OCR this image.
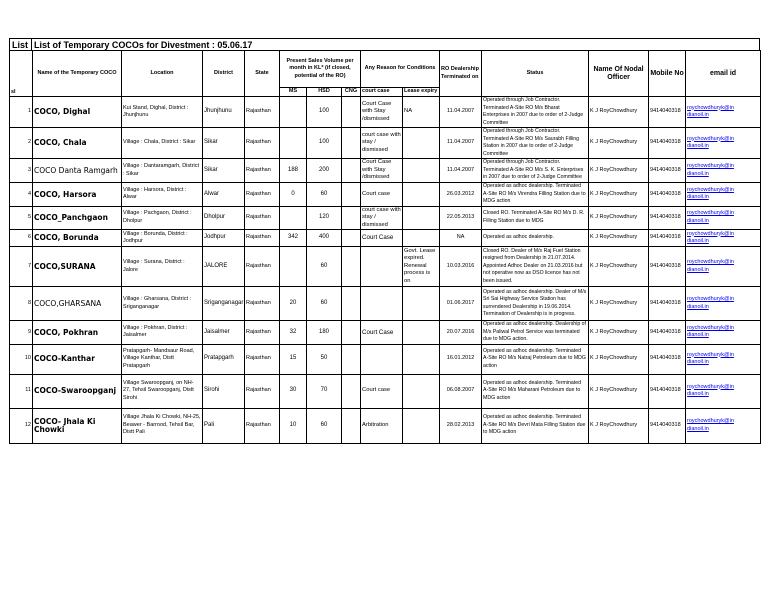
List List of Temporary COCOs for Divestment : 05.06.17
sl	Name of the Temporary COCO	Location	District	State	Present Sales Volume per month in KL* (if closed, potential of the RO)			Any Reason for Conditions		RO Dealership Terminated on	Status	Name Of Nodal Officer	Mobile No	email id
					MS	HSD	CNG	court case	Lease expiry					
1	COCO, Dighal	Kui Stand, Dighal, District : Jhunjhunu	Jhunjhunu	Rajasthan		100		Court Case with Stay /dismissed	NA	11.04.2007	Operated through Job Contractor. Terminated A-Site RO M/s Bharat Enterprises in 2007 due to order of 2-Judge Committee	K J RoyChowdhury	9414040318	roychowdhuryk@in
dianoil.in

2	COCO, Chala	Village : Chala, District : Sikar	Sikar	Rajasthan		100		court case with stay / dismissed		11.04.2007	Operated through Job Contractor. Terminated A-Site RO M/s Saurabh Filling Station in 2007 due to order of 2-Judge Committee	K J RoyChowdhury	9414040318	roychowdhuryk@in
dianoil.in

3	COCO Danta Ramgarh	Village : Dantaramgarh, District : Sikar	Sikar	Rajasthan	188	200		Court Case with Stay /dismissed		11.04.2007	Operated through Job Contractor. Terminated A-Site RO M/s S. K. Enterprises in 2007 due to order of 2-Judge Committee	K J RoyChowdhury	9414040318	roychowdhuryk@in
dianoil.in

4	COCO, Harsora	Village : Harsora, District : Alwar	Alwar	Rajasthan	0	60		Court case		26.03.2012	Operated as adhoc dealership. Terminated A-Site RO M/s Virendra Filling Station due to MDG action	K J RoyChowdhury	9414040318	roychowdhuryk@in
dianoil.in

5	COCO_Panchgaon	Village : Pachgaon, District : Dholpur	Dholpur	Rajasthan		120		court case with stay / dismissed		22.05.2013	Closed RO. Terminated A-Site RO M/s D. R. Filling Station due to MDG	K J RoyChowdhury	9414040318	roychowdhuryk@in
dianoil.in

6	COCO, Borunda	Village : Borunda, District : Jodhpur	Jodhpur	Rajasthan	342	400		Court Case		NA	Operated as adhoc dealership.	K J RoyChowdhury	9414040318	roychowdhuryk@in
dianoil.in

7	COCO,SURANA	Village : Surana, District : Jalore	JALORE	Rajasthan		60			Govt. Lease expired. Renewal process is on	10.03.2016	Closed RO. Dealer of M/s Raj Fuel Station resigned from Dealership in 21.07.2014. Appointed Adhoc Dealer on 21.03.2016 but not operative now as DSO licence has not been issued.	K J RoyChowdhury	9414040318	roychowdhuryk@in
dianoil.in

8	COCO,GHARSANA	Village : Gharsana, District : Sriganganagar	Sriganganagar	Rajasthan	20	60				01.06.2017	Operated as adhoc dealership. Dealer of M/s Sri Sai Highway Service Station has surrendered Dealership in 19.06.2014. Termination of Dealership is in progress.	K J RoyChowdhury	9414040318	roychowdhuryk@in
dianoil.in

9	COCO, Pokhran	Village : Pokhran, District : Jaisalmer	Jaisalmer	Rajasthan	32	180		Court Case		20.07.2016	Operated as adhoc dealership. Dealership of M/s Paliwal Petrol Service was terminated due to MDG action.	K J RoyChowdhury	9414040318	roychowdhuryk@in
dianoil.in

10	COCO-Kanthar	Pratapgarh- Mandsaur Road, Village Kanthar, Distt Pratapgarh	Pratapgarh	Rajasthan	15	50				16.01.2012	Operated as adhoc dealership. Terminated A-Site RO M/s Natraj Petroleum due to MDG action	K J RoyChowdhury	9414040318	roychowdhuryk@in
dianoil.in

11	COCO-Swaroopganj	Village Swaroopganj, on NH-27, Tehsil Swaroopganj, Distt Sirohi	Sirohi	Rajasthan	30	70		Court case		06.08.2007	Operated as adhoc dealership. Terminated A-Site RO M/s Maharani Petroleum due to MDG action	K J RoyChowdhury	9414040318	roychowdhuryk@in
dianoil.in

12	COCO- Jhala Ki Chowki	Village Jhala Ki Chowki, NH-25, Beawer - Barrood, Tehsil Bar, Distt Pali	Pali	Rajasthan	10	60		Arbitration		28.02.2013	Operated as adhoc dealership. Terminated A-Site RO M/s Devri Mata Filling Station due to MDG action	K J RoyChowdhury	9414040318	roychowdhuryk@in
dianoil.in
